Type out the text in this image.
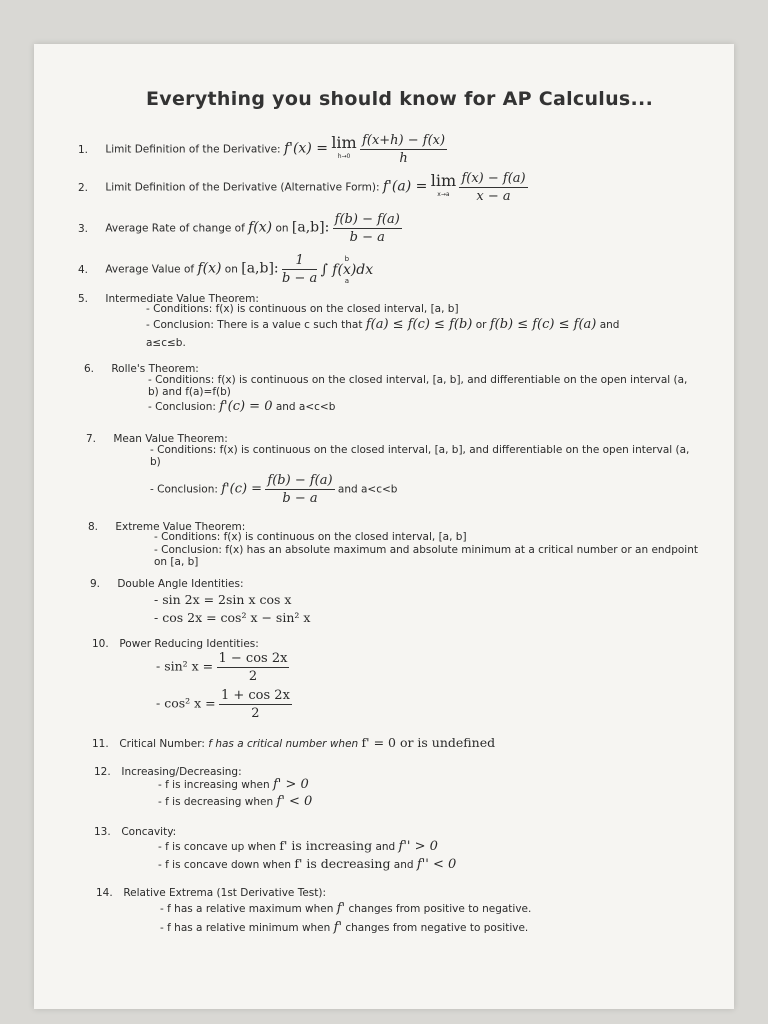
Everything you should know for AP Calculus...
1. Limit Definition of the Derivative: f'(x) = lim
h→0
$\frac{f(x+h) - f(x)}{h}$
2. Limit Definition of the Derivative (Alternative Form): f'(a) = lim
x→a
$\frac{f(x) - f(a)}{x - a}$
3. Average Rate of change of f(x) on [a,b]: $\frac{f(b) - f(a)}{b - a}$
4. Average Value of f(x) on [a,b]: $\frac{1}{b - a}$
	b
∫ f(x)dx
a
5. Intermediate Value Theorem:
- Conditions: f(x) is continuous on the closed interval, [a, b]
- Conclusion: There is a value c such that f(a) ≤ f(c) ≤ f(b) or f(b) ≤ f(c) ≤ f(a) and
a≤c≤b.
6. Rolle's Theorem:
- Conditions: f(x) is continuous on the closed interval, [a, b], and differentiable on the open interval (a,
b) and f(a)=f(b)
- Conclusion: f'(c) = 0 and a<c<b
7. Mean Value Theorem:
- Conditions: f(x) is continuous on the closed interval, [a, b], and differentiable on the open interval (a,
b)
- Conclusion: $f'(c) = \frac{f(b) - f(a)}{b - a}$ and a<c<b
8. Extreme Value Theorem:
- Conditions: f(x) is continuous on the closed interval, [a, b]
- Conclusion: f(x) has an absolute maximum and absolute minimum at a critical number or an endpoint
on [a, b]
9. Double Angle Identities:
- sin 2x = 2sin x cos x
- cos 2x = cos² x − sin² x
10. Power Reducing Identities:
- sin² $x = \frac{1 - \cos 2x}{2}$
- cos² $x = \frac{1 + \cos 2x}{2}$
11. Critical Number: f has a critical number when f' = 0 or is undefined
12. Increasing/Decreasing:
- f is increasing when f' > 0
- f is decreasing when f' < 0
13. Concavity:
- f is concave up when f' is increasing and f'' > 0
- f is concave down when f' is decreasing and f'' < 0
14. Relative Extrema (1st Derivative Test):
- f has a relative maximum when f' changes from positive to negative.
- f has a relative minimum when f' changes from negative to positive.
